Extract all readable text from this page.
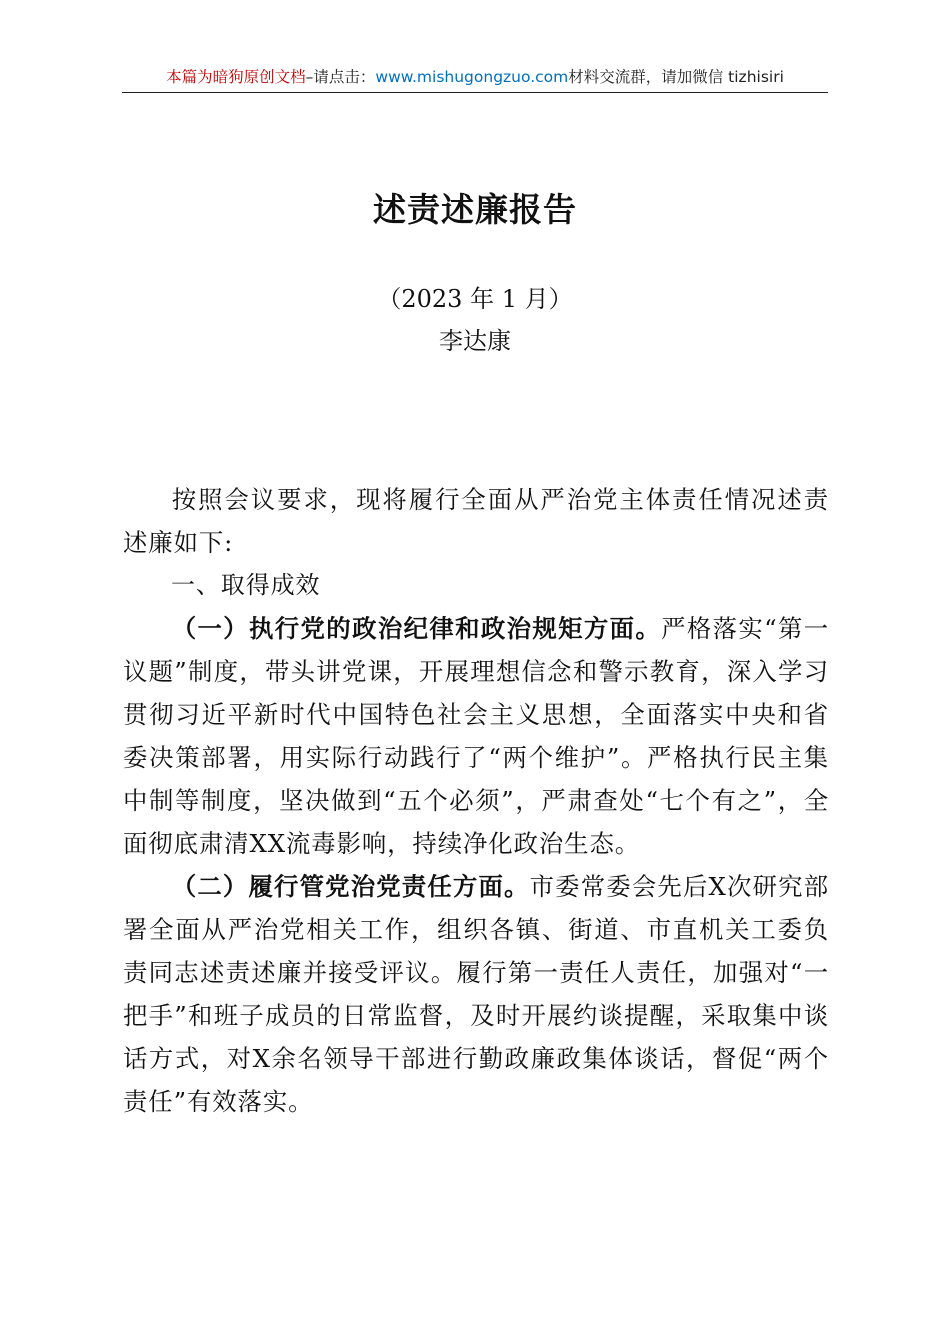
本篇为暗狗原创文档 –请点击： www.mishugongzuo.com 材料交流群，请加微信 tizhisiri
述责述廉报告
（2023 年 1 月）
李达康

按照会议要求，现将履行全面从严治党主体责任情况述责述廉如下:

一、取得成效

（一）执行党的政治纪律和政治规矩方面。严格落实“第一议题”制度，带头讲党课，开展理想信念和警示教育，深入学习贯彻习近平新时代中国特色社会主义思想，全面落实中央和省委决策部署，用实际行动践行了“两个维护”。严格执行民主集中制等制度，坚决做到“五个必须”，严肃查处“七个有之”，全面彻底肃清XX流毒影响，持续净化政治生态。

（二）履行管党治党责任方面。市委常委会先后X次研究部署全面从严治党相关工作，组织各镇、街道、市直机关工委负责同志述责述廉并接受评议。履行第一责任人责任，加强对“一把手”和班子成员的日常监督，及时开展约谈提醒，采取集中谈话方式，对X余名领导干部进行勤政廉政集体谈话，督促“两个责任”有效落实。
